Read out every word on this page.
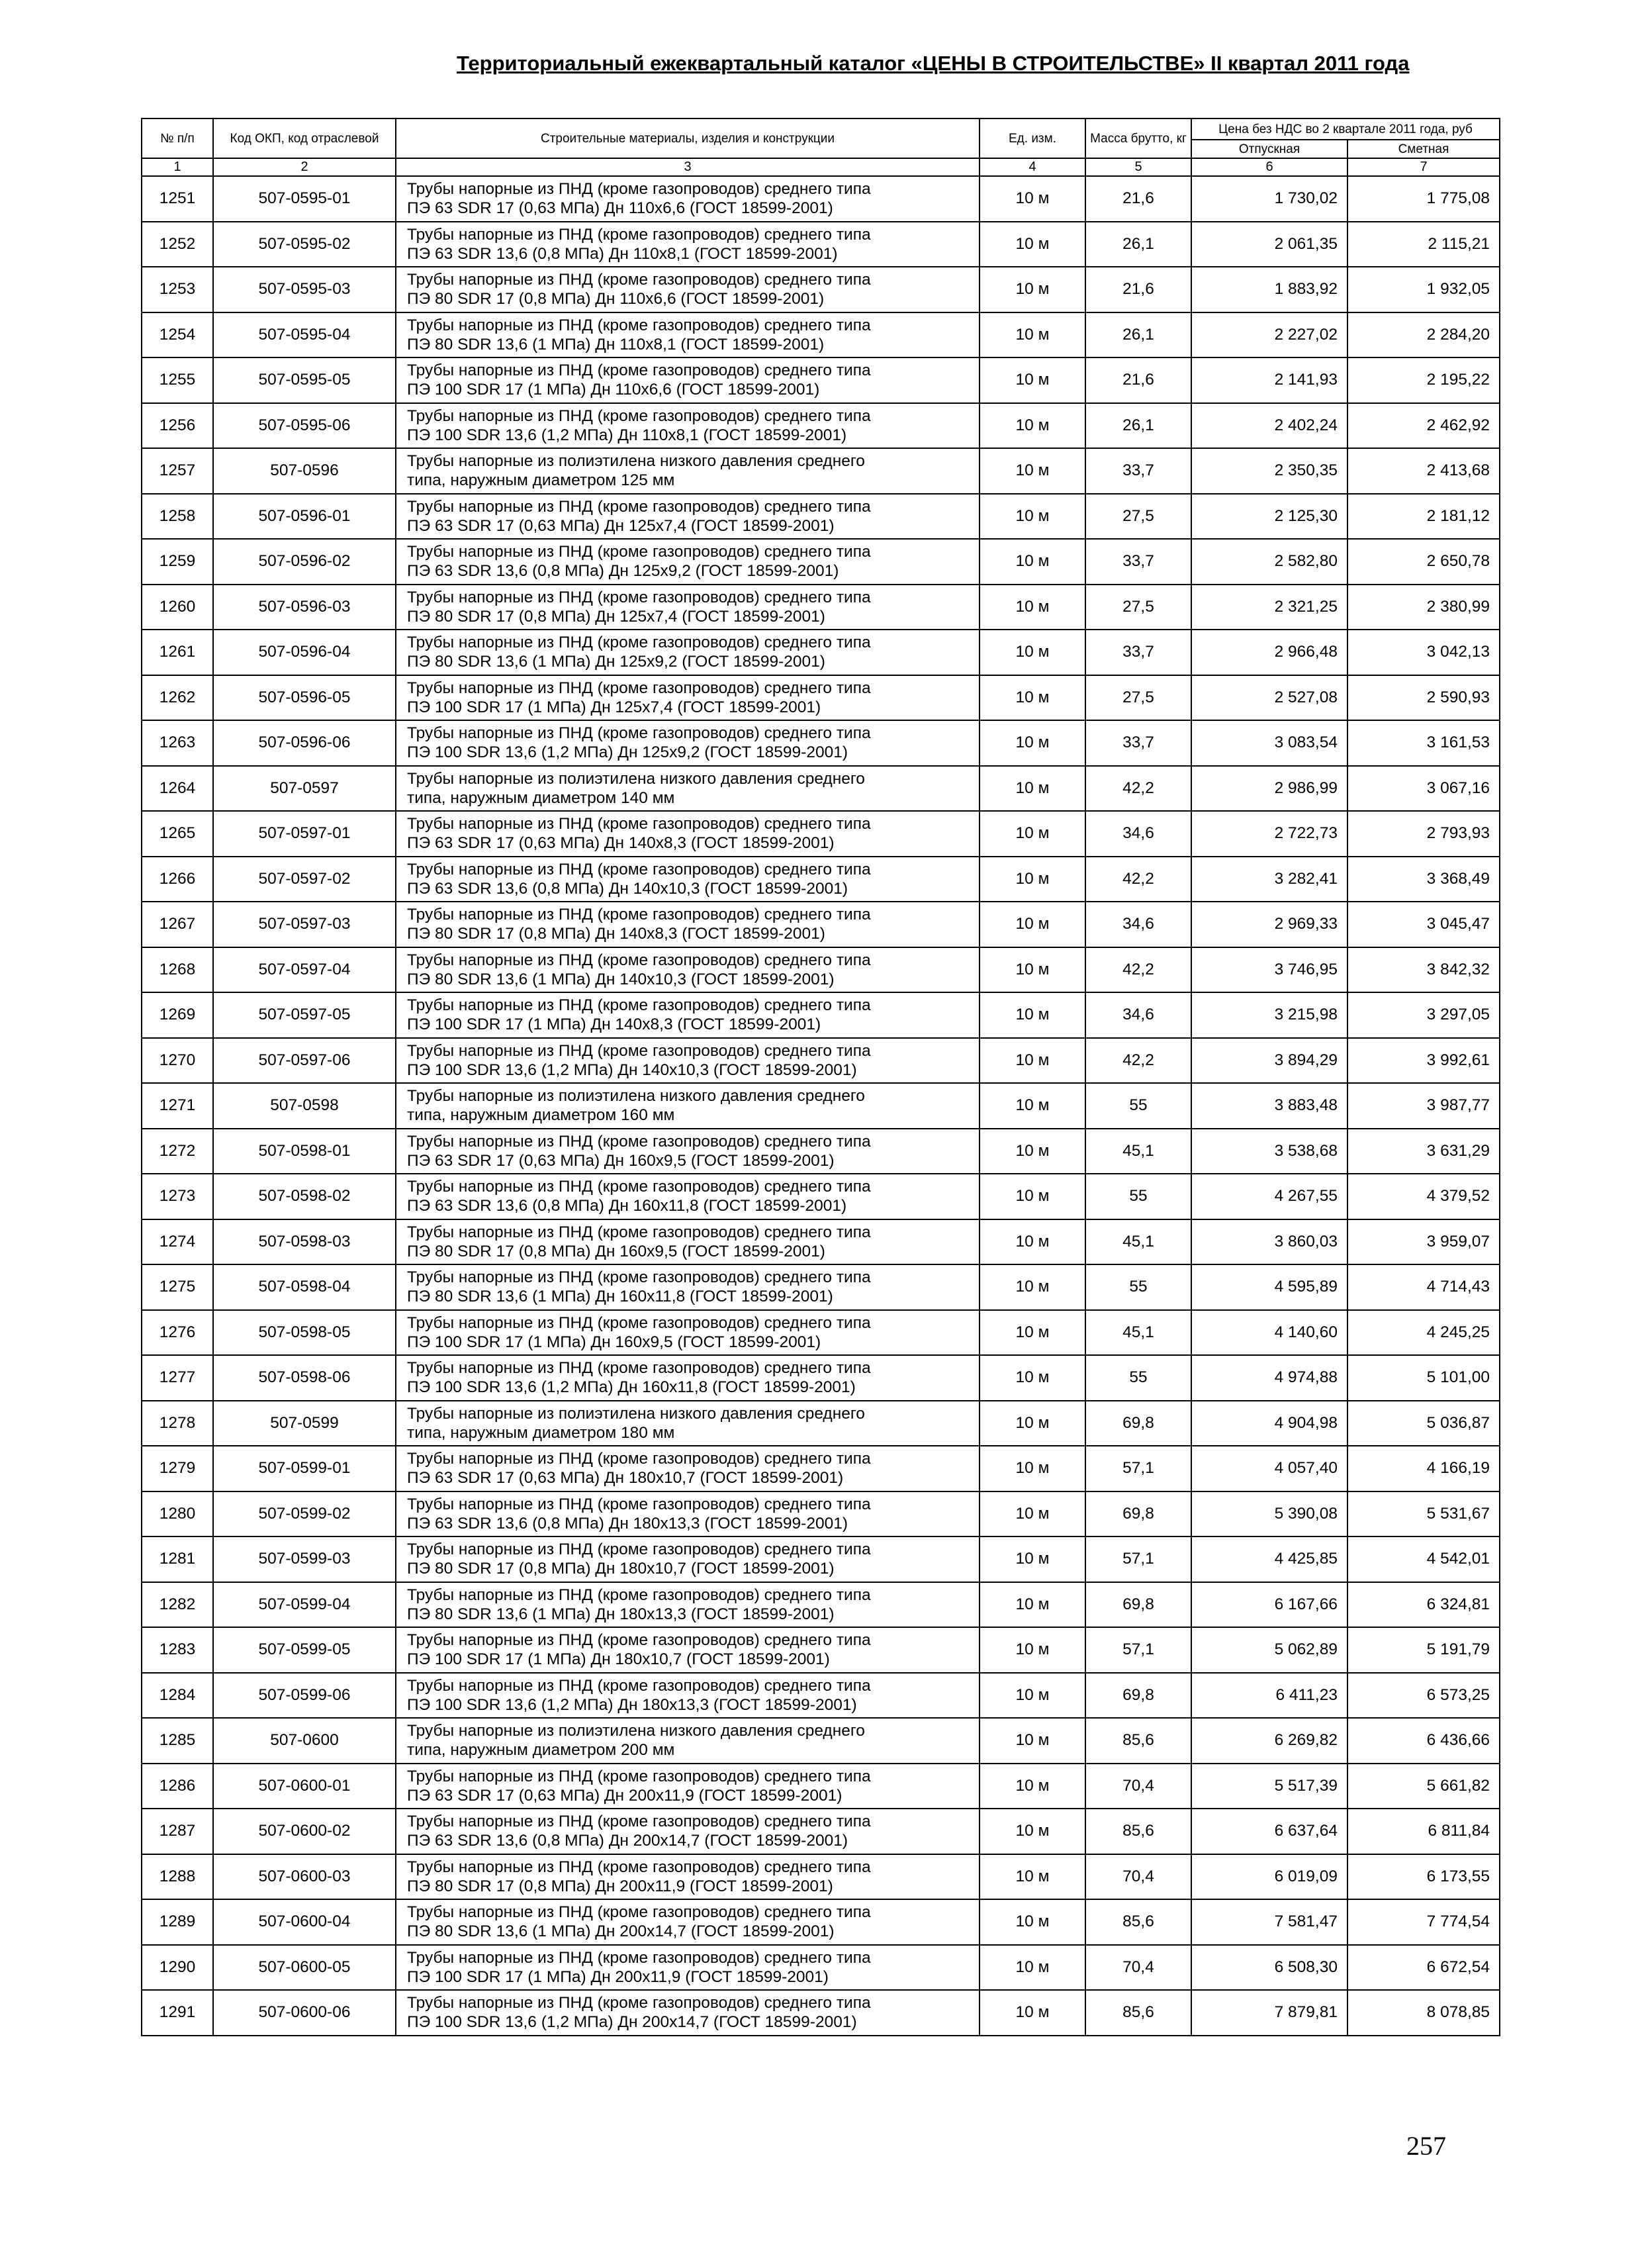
Территориальный ежеквартальный каталог «ЦЕНЫ В СТРОИТЕЛЬСТВЕ» II квартал 2011 года
№ п/п	Код ОКП, код отраслевой	Строительные материалы, изделия и конструкции	Ед. изм.	Масса брутто, кг	Цена без НДС во 2 квартале 2011 года, руб	

					Отпускная	Сметная
1	2	3	4	5	6	7
1251	507-0595-01	Трубы напорные из ПНД (кроме газопроводов) среднего типа
ПЭ 63 SDR 17 (0,63 МПа) Дн 110х6,6 (ГОСТ 18599-2001)	10 м	21,6	1 730,02	1 775,08
1252	507-0595-02	Трубы напорные из ПНД (кроме газопроводов) среднего типа
ПЭ 63 SDR 13,6 (0,8 МПа) Дн 110х8,1 (ГОСТ 18599-2001)	10 м	26,1	2 061,35	2 115,21
1253	507-0595-03	Трубы напорные из ПНД (кроме газопроводов) среднего типа
ПЭ 80 SDR 17 (0,8 МПа) Дн 110х6,6 (ГОСТ 18599-2001)	10 м	21,6	1 883,92	1 932,05
1254	507-0595-04	Трубы напорные из ПНД (кроме газопроводов) среднего типа
ПЭ 80 SDR 13,6 (1 МПа) Дн 110х8,1 (ГОСТ 18599-2001)	10 м	26,1	2 227,02	2 284,20
1255	507-0595-05	Трубы напорные из ПНД (кроме газопроводов) среднего типа
ПЭ 100 SDR 17 (1 МПа) Дн 110х6,6 (ГОСТ 18599-2001)	10 м	21,6	2 141,93	2 195,22
1256	507-0595-06	Трубы напорные из ПНД (кроме газопроводов) среднего типа
ПЭ 100 SDR 13,6 (1,2 МПа) Дн 110х8,1 (ГОСТ 18599-2001)	10 м	26,1	2 402,24	2 462,92
1257	507-0596	Трубы напорные из полиэтилена низкого давления среднего
типа, наружным диаметром 125 мм	10 м	33,7	2 350,35	2 413,68
1258	507-0596-01	Трубы напорные из ПНД (кроме газопроводов) среднего типа
ПЭ 63 SDR 17 (0,63 МПа) Дн 125х7,4 (ГОСТ 18599-2001)	10 м	27,5	2 125,30	2 181,12
1259	507-0596-02	Трубы напорные из ПНД (кроме газопроводов) среднего типа
ПЭ 63 SDR 13,6 (0,8 МПа) Дн 125х9,2 (ГОСТ 18599-2001)	10 м	33,7	2 582,80	2 650,78
1260	507-0596-03	Трубы напорные из ПНД (кроме газопроводов) среднего типа
ПЭ 80 SDR 17 (0,8 МПа) Дн 125х7,4 (ГОСТ 18599-2001)	10 м	27,5	2 321,25	2 380,99
1261	507-0596-04	Трубы напорные из ПНД (кроме газопроводов) среднего типа
ПЭ 80 SDR 13,6 (1 МПа) Дн 125х9,2 (ГОСТ 18599-2001)	10 м	33,7	2 966,48	3 042,13
1262	507-0596-05	Трубы напорные из ПНД (кроме газопроводов) среднего типа
ПЭ 100 SDR 17 (1 МПа) Дн 125х7,4 (ГОСТ 18599-2001)	10 м	27,5	2 527,08	2 590,93
1263	507-0596-06	Трубы напорные из ПНД (кроме газопроводов) среднего типа
ПЭ 100 SDR 13,6 (1,2 МПа) Дн 125х9,2 (ГОСТ 18599-2001)	10 м	33,7	3 083,54	3 161,53
1264	507-0597	Трубы напорные из полиэтилена низкого давления среднего
типа, наружным диаметром 140 мм	10 м	42,2	2 986,99	3 067,16
1265	507-0597-01	Трубы напорные из ПНД (кроме газопроводов) среднего типа
ПЭ 63 SDR 17 (0,63 МПа) Дн 140х8,3 (ГОСТ 18599-2001)	10 м	34,6	2 722,73	2 793,93
1266	507-0597-02	Трубы напорные из ПНД (кроме газопроводов) среднего типа
ПЭ 63 SDR 13,6 (0,8 МПа) Дн 140х10,3 (ГОСТ 18599-2001)	10 м	42,2	3 282,41	3 368,49
1267	507-0597-03	Трубы напорные из ПНД (кроме газопроводов) среднего типа
ПЭ 80 SDR 17 (0,8 МПа) Дн 140х8,3 (ГОСТ 18599-2001)	10 м	34,6	2 969,33	3 045,47
1268	507-0597-04	Трубы напорные из ПНД (кроме газопроводов) среднего типа
ПЭ 80 SDR 13,6 (1 МПа) Дн 140х10,3 (ГОСТ 18599-2001)	10 м	42,2	3 746,95	3 842,32
1269	507-0597-05	Трубы напорные из ПНД (кроме газопроводов) среднего типа
ПЭ 100 SDR 17 (1 МПа) Дн 140х8,3 (ГОСТ 18599-2001)	10 м	34,6	3 215,98	3 297,05
1270	507-0597-06	Трубы напорные из ПНД (кроме газопроводов) среднего типа
ПЭ 100 SDR 13,6 (1,2 МПа) Дн 140х10,3 (ГОСТ 18599-2001)	10 м	42,2	3 894,29	3 992,61
1271	507-0598	Трубы напорные из полиэтилена низкого давления среднего
типа, наружным диаметром 160 мм	10 м	55	3 883,48	3 987,77
1272	507-0598-01	Трубы напорные из ПНД (кроме газопроводов) среднего типа
ПЭ 63 SDR 17 (0,63 МПа) Дн 160х9,5 (ГОСТ 18599-2001)	10 м	45,1	3 538,68	3 631,29
1273	507-0598-02	Трубы напорные из ПНД (кроме газопроводов) среднего типа
ПЭ 63 SDR 13,6 (0,8 МПа) Дн 160х11,8 (ГОСТ 18599-2001)	10 м	55	4 267,55	4 379,52
1274	507-0598-03	Трубы напорные из ПНД (кроме газопроводов) среднего типа
ПЭ 80 SDR 17 (0,8 МПа) Дн 160х9,5 (ГОСТ 18599-2001)	10 м	45,1	3 860,03	3 959,07
1275	507-0598-04	Трубы напорные из ПНД (кроме газопроводов) среднего типа
ПЭ 80 SDR 13,6 (1 МПа) Дн 160х11,8 (ГОСТ 18599-2001)	10 м	55	4 595,89	4 714,43
1276	507-0598-05	Трубы напорные из ПНД (кроме газопроводов) среднего типа
ПЭ 100 SDR 17 (1 МПа) Дн 160х9,5 (ГОСТ 18599-2001)	10 м	45,1	4 140,60	4 245,25
1277	507-0598-06	Трубы напорные из ПНД (кроме газопроводов) среднего типа
ПЭ 100 SDR 13,6 (1,2 МПа) Дн 160х11,8 (ГОСТ 18599-2001)	10 м	55	4 974,88	5 101,00
1278	507-0599	Трубы напорные из полиэтилена низкого давления среднего
типа, наружным диаметром 180 мм	10 м	69,8	4 904,98	5 036,87
1279	507-0599-01	Трубы напорные из ПНД (кроме газопроводов) среднего типа
ПЭ 63 SDR 17 (0,63 МПа) Дн 180х10,7 (ГОСТ 18599-2001)	10 м	57,1	4 057,40	4 166,19
1280	507-0599-02	Трубы напорные из ПНД (кроме газопроводов) среднего типа
ПЭ 63 SDR 13,6 (0,8 МПа) Дн 180х13,3 (ГОСТ 18599-2001)	10 м	69,8	5 390,08	5 531,67
1281	507-0599-03	Трубы напорные из ПНД (кроме газопроводов) среднего типа
ПЭ 80 SDR 17 (0,8 МПа) Дн 180х10,7 (ГОСТ 18599-2001)	10 м	57,1	4 425,85	4 542,01
1282	507-0599-04	Трубы напорные из ПНД (кроме газопроводов) среднего типа
ПЭ 80 SDR 13,6 (1 МПа) Дн 180х13,3 (ГОСТ 18599-2001)	10 м	69,8	6 167,66	6 324,81
1283	507-0599-05	Трубы напорные из ПНД (кроме газопроводов) среднего типа
ПЭ 100 SDR 17 (1 МПа) Дн 180х10,7 (ГОСТ 18599-2001)	10 м	57,1	5 062,89	5 191,79
1284	507-0599-06	Трубы напорные из ПНД (кроме газопроводов) среднего типа
ПЭ 100 SDR 13,6 (1,2 МПа) Дн 180х13,3 (ГОСТ 18599-2001)	10 м	69,8	6 411,23	6 573,25
1285	507-0600	Трубы напорные из полиэтилена низкого давления среднего
типа, наружным диаметром 200 мм	10 м	85,6	6 269,82	6 436,66
1286	507-0600-01	Трубы напорные из ПНД (кроме газопроводов) среднего типа
ПЭ 63 SDR 17 (0,63 МПа) Дн 200х11,9 (ГОСТ 18599-2001)	10 м	70,4	5 517,39	5 661,82
1287	507-0600-02	Трубы напорные из ПНД (кроме газопроводов) среднего типа
ПЭ 63 SDR 13,6 (0,8 МПа) Дн 200х14,7 (ГОСТ 18599-2001)	10 м	85,6	6 637,64	6 811,84
1288	507-0600-03	Трубы напорные из ПНД (кроме газопроводов) среднего типа
ПЭ 80 SDR 17 (0,8 МПа) Дн 200х11,9 (ГОСТ 18599-2001)	10 м	70,4	6 019,09	6 173,55
1289	507-0600-04	Трубы напорные из ПНД (кроме газопроводов) среднего типа
ПЭ 80 SDR 13,6 (1 МПа) Дн 200х14,7 (ГОСТ 18599-2001)	10 м	85,6	7 581,47	7 774,54
1290	507-0600-05	Трубы напорные из ПНД (кроме газопроводов) среднего типа
ПЭ 100 SDR 17 (1 МПа) Дн 200х11,9 (ГОСТ 18599-2001)	10 м	70,4	6 508,30	6 672,54
1291	507-0600-06	Трубы напорные из ПНД (кроме газопроводов) среднего типа
ПЭ 100 SDR 13,6 (1,2 МПа) Дн 200х14,7 (ГОСТ 18599-2001)	10 м	85,6	7 879,81	8 078,85
257
